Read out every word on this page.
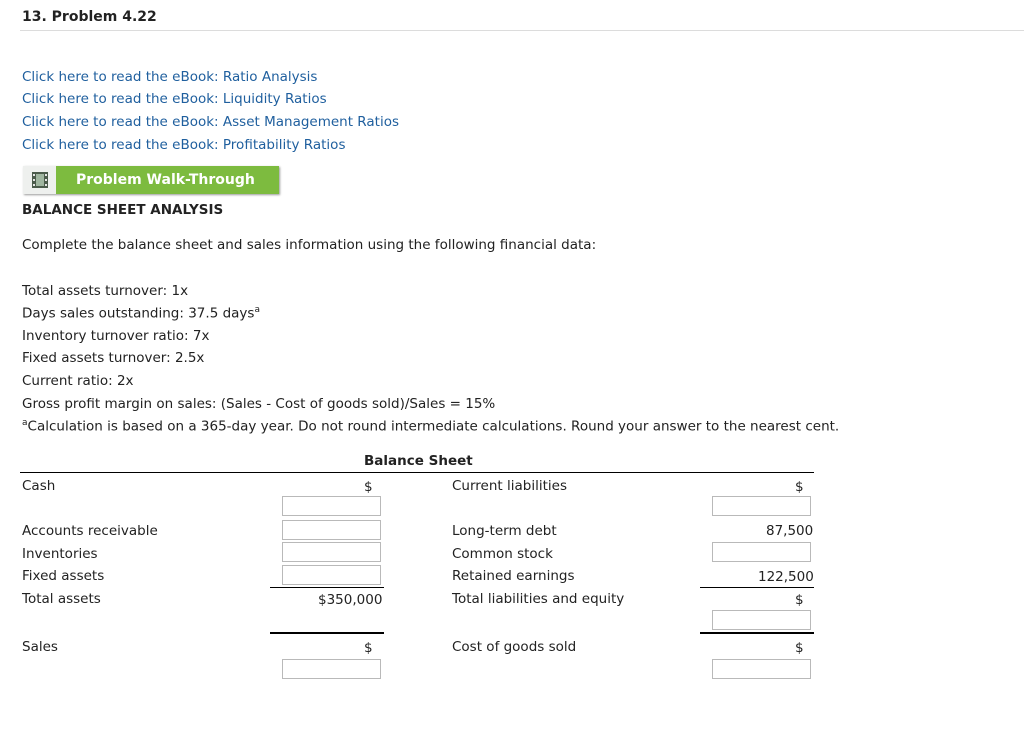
13. Problem 4.22
Click here to read the eBook: Ratio Analysis
Click here to read the eBook: Liquidity Ratios
Click here to read the eBook: Asset Management Ratios
Click here to read the eBook: Profitability Ratios
Problem Walk-Through
BALANCE SHEET ANALYSIS
Complete the balance sheet and sales information using the following financial data:
Total assets turnover: 1x
Days sales outstanding: 37.5 days$^a$
Inventory turnover ratio: 7x
Fixed assets turnover: 2.5x
Current ratio: 2x
Gross profit margin on sales: (Sales - Cost of goods sold)/Sales = 15%
$^a$Calculation is based on a 365-day year. Do not round intermediate calculations. Round your answer to the nearest cent.
Balance Sheet
Cash
Accounts receivable
Inventories
Fixed assets
Total assets
Sales
$
$350,000
$
Current liabilities
Long-term debt
Common stock
Retained earnings
Total liabilities and equity
Cost of goods sold
$
87,500
122,500
$
$
